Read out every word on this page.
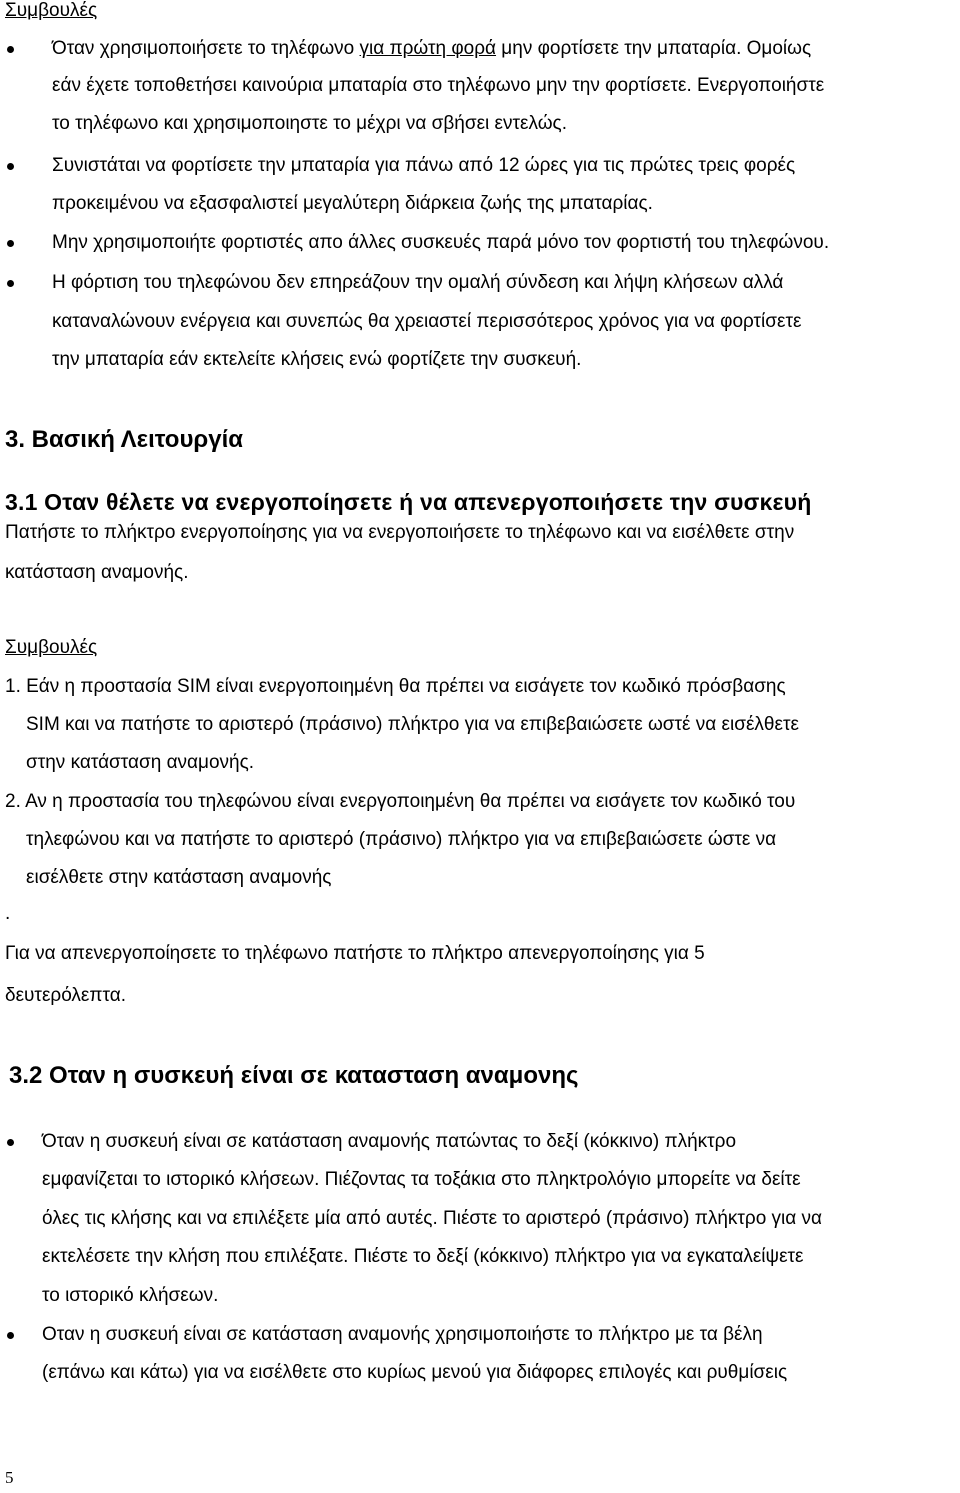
Συμβουλές
Όταν χρησιμοποιήσετε το τηλέφωνο για πρώτη φορά μην φορτίσετε την μπαταρία. Ομοίως
εάν έχετε τοποθετήσει καινούρια μπαταρία στο τηλέφωνο μην την φορτίσετε. Ενεργοποιήστε
το τηλέφωνο και χρησιμοποιηστε το μέχρι να σβήσει εντελώς.
Συνιστάται να φορτίσετε την μπαταρία για πάνω από 12 ώρες για τις πρώτες τρεις φορές
προκειμένου να εξασφαλιστεί μεγαλύτερη διάρκεια ζωής της μπαταρίας.
Μην χρησιμοποιήτε φορτιστές απο άλλες συσκευές παρά μόνο τον φορτιστή του τηλεφώνου.
Η φόρτιση του τηλεφώνου δεν επηρεάζουν την ομαλή σύνδεση και λήψη κλήσεων αλλά
καταναλώνουν ενέργεια και συνεπώς θα χρειαστεί περισσότερος χρόνος για να φορτίσετε
την μπαταρία εάν εκτελείτε κλήσεις ενώ φορτίζετε την συσκευή.
3. Βασική Λειτουργία
3.1 Οταν θέλετε να ενεργοποίησετε ή να απενεργοποιήσετε την συσκευή
Πατήστε το πλήκτρο ενεργοποίησης για να ενεργοποιήσετε το τηλέφωνο και να εισέλθετε στην
κατάσταση αναμονής.
Συμβουλές
1. Εάν η προστασία SIM είναι ενεργοποιημένη θα πρέπει να εισάγετε τον κωδικό πρόσβασης
SIM και να πατήστε το αριστερό (πράσινο) πλήκτρο για να επιβεβαιώσετε ωστέ να εισέλθετε
στην κατάσταση αναμονής.
2. Αν η προστασία του τηλεφώνου είναι ενεργοποιημένη θα πρέπει να εισάγετε τον κωδικό του
τηλεφώνου και να πατήστε το αριστερό (πράσινο) πλήκτρο για να επιβεβαιώσετε ώστε να
εισέλθετε στην κατάσταση αναμονής
.
Για να απενεργοποίησετε το τηλέφωνο πατήστε το πλήκτρο απενεργοποίησης για 5
δευτερόλεπτα.
3.2 Οταν η συσκευή είναι σε κατασταση αναμονης
Όταν η συσκευή είναι σε κατάσταση αναμονής πατώντας το δεξί (κόκκινο) πλήκτρο
εμφανίζεται το ιστορικό κλήσεων. Πιέζοντας τα τοξάκια στο πληκτρολόγιο μπορείτε να δείτε
όλες τις κλήσης και να επιλέξετε μία από αυτές. Πιέστε το αριστερό (πράσινο) πλήκτρο για να
εκτελέσετε την κλήση που επιλέξατε. Πιέστε το δεξί (κόκκινο) πλήκτρο για να εγκαταλείψετε
το ιστορικό κλήσεων.
Οταν η συσκευή είναι σε κατάσταση αναμονής χρησιμοποιήστε το πλήκτρο με τα βέλη
(επάνω και κάτω) για να εισέλθετε στο κυρίως μενού για διάφορες επιλογές και ρυθμίσεις
5
